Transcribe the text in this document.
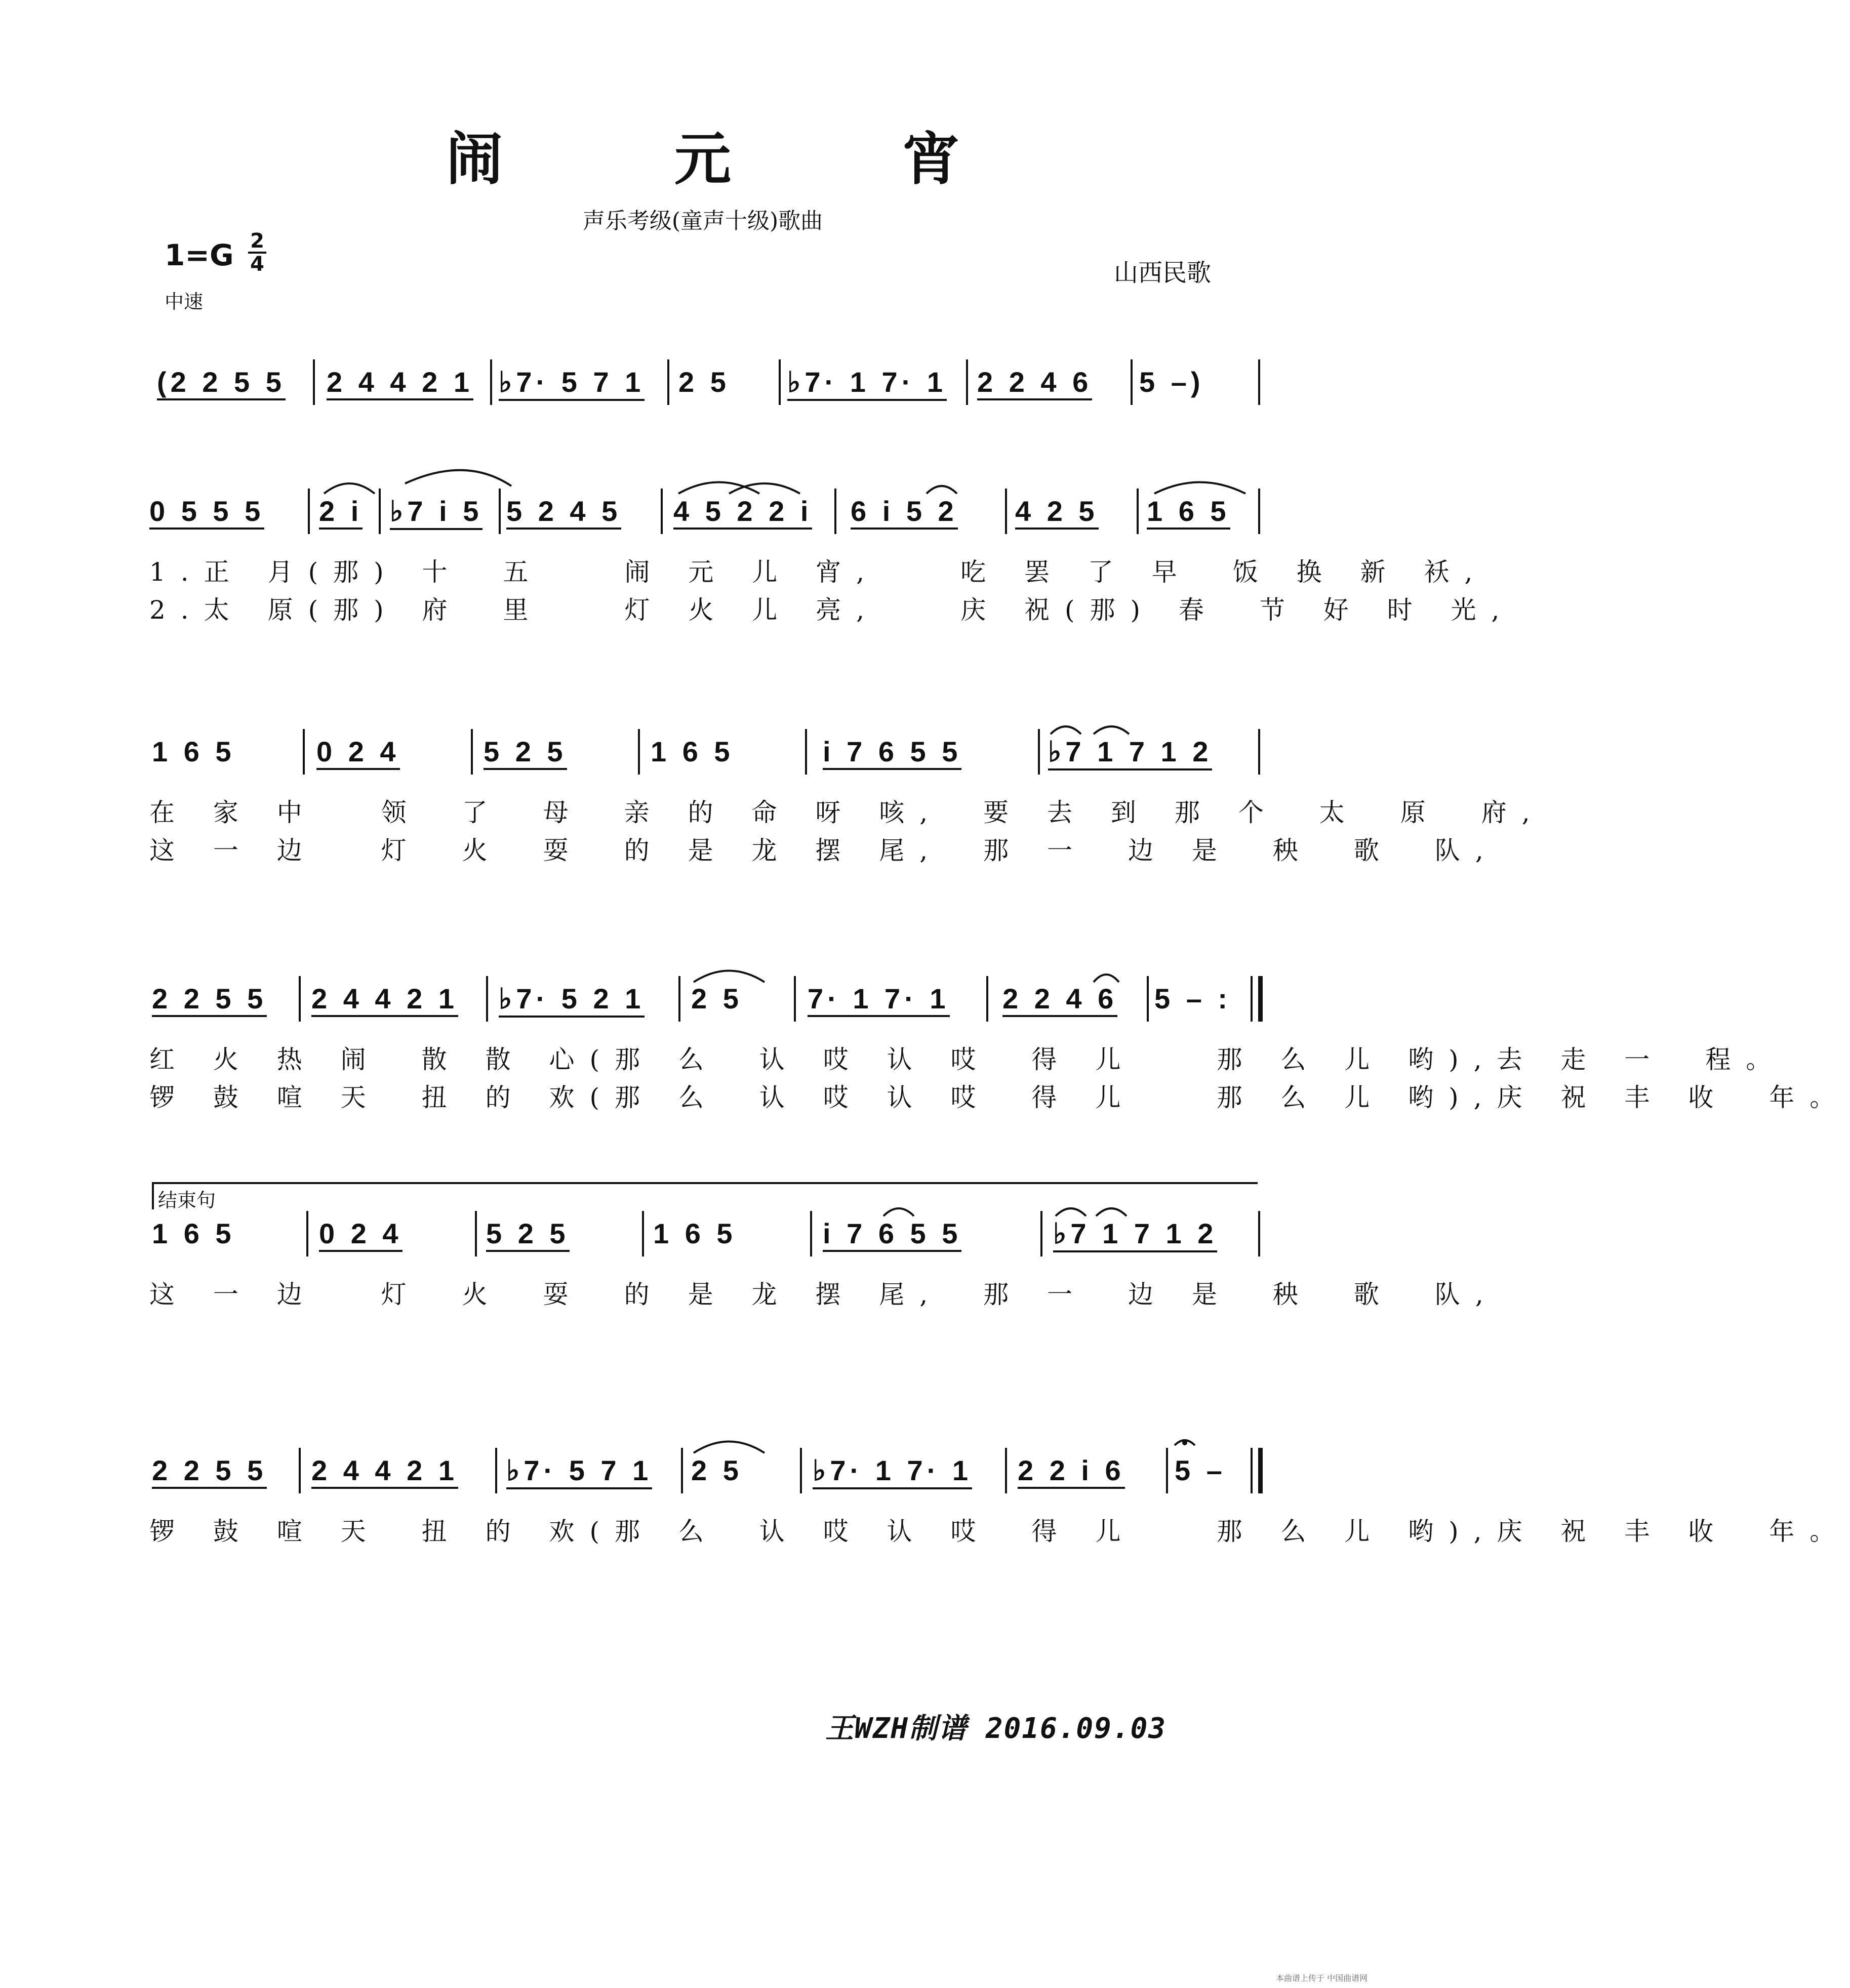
闹 元 宵
声乐考级(童声十级)歌曲
1=G 2
4
中速
山西民歌
(2 2 5 5 2 4 4 2 1 ♭7· 5 7 1 2 5 ♭7· 1 7· 1 2 2 4 6 5 –)
0 5 5 5 2 i ♭7 i 5 5 2 4 5 4 5 2 2 i 6 i 5 2 4 2 5 1 6 5
1.正 月(那) 十　五　　闹 元 儿 宵,　　吃 罢 了 早　饭 换 新 袄,
2.太 原(那) 府　里　　灯 火 儿 亮,　　庆 祝(那) 春　节 好 时 光,
1 6 5	0 2 4	5 2 5	1 6 5	i 7 6 5 5	♭7 1 7 1 2
在 家 中　 领　了　母　亲 的 命 呀 咳,　要 去 到 那 个　太　原　府,
这 一 边　 灯　火　耍　的 是 龙 摆 尾,　那 一　边 是　秧　歌　队,
2 2 5 5 2 4 4 2 1 ♭7· 5 2 1 2 5 7· 1 7· 1 2 2 4 6 5 – :
红 火 热 闹　散 散 心(那 么　认 哎 认 哎　得 儿　　那 么 儿 哟),去 走 一　程。
锣 鼓 喧 天　扭 的 欢(那 么　认 哎 认 哎　得 儿　　那 么 儿 哟),庆 祝 丰 收　年。
结束句
1 6 5	0 2 4	5 2 5	1 6 5	i 7 6 5 5	♭7 1 7 1 2
这 一 边　 灯　火　耍　的 是 龙 摆 尾,　那 一　边 是　秧　歌　队,
2 2 5 5 2 4 4 2 1 ♭7· 5 7 1 2 5 ♭7· 1 7· 1 2 2 i 6 5 –
锣 鼓 喧 天　扭 的 欢(那 么　认 哎 认 哎　得 儿　　那 么 儿 哟),庆 祝 丰 收　年。
王WZH制谱 2016.09.03
本曲谱上传于 中国曲谱网
